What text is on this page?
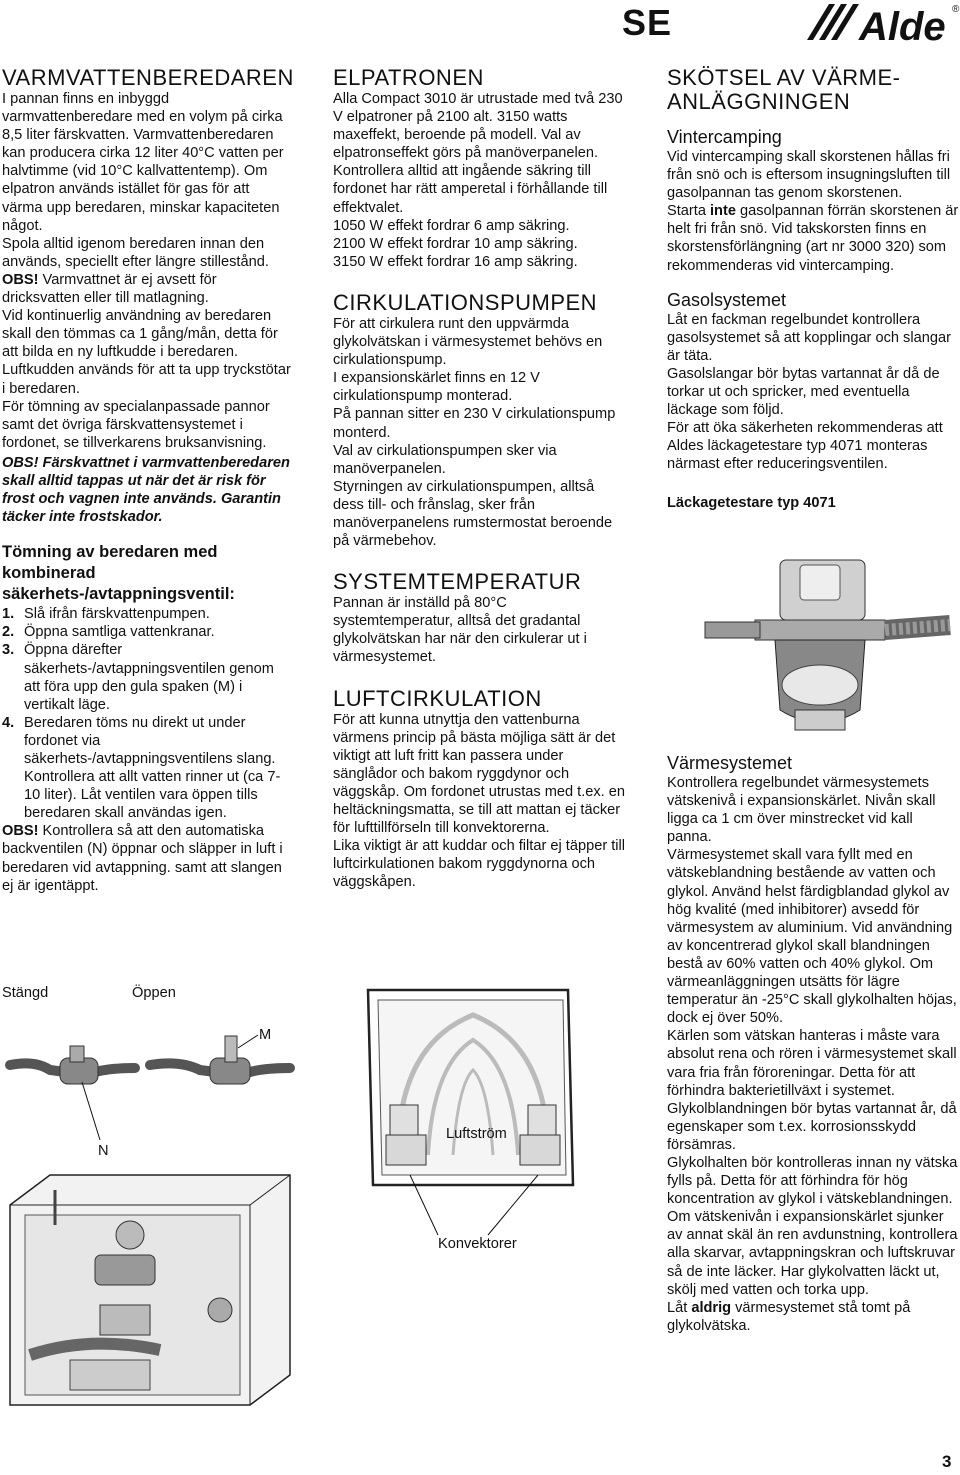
SE	Alde ®
VARMVATTENBEREDAREN

I pannan finns en inbyggd varmvattenberedare med en volym på cirka 8,5 liter färskvatten. Varmvattenberedaren kan producera cirka 12 liter 40°C vatten per halvtimme (vid 10°C kallvattentemp). Om elpatron används istället för gas för att värma upp beredaren, minskar kapaciteten något.

Spola alltid igenom beredaren innan den används, speciellt efter längre stillestånd.

OBS! Varmvattnet är ej avsett för dricksvatten eller till matlagning.

Vid kontinuerlig användning av beredaren skall den tömmas ca 1 gång/mån, detta för att bilda en ny luftkudde i beredaren. Luftkudden används för att ta upp tryckstötar i beredaren.

För tömning av specialanpassade pannor samt det övriga färskvattensystemet i fordonet, se tillverkarens bruksanvisning.

OBS! Färskvattnet i varmvattenberedaren skall alltid tappas ut när det är risk för frost och vagnen inte används. Garantin täcker inte frostskador.

Tömning av beredaren med kombinerad säkerhets-/avtappningsventil:
1. Slå ifrån färskvattenpumpen.
2. Öppna samtliga vattenkranar.
3. Öppna därefter säkerhets-/avtappningsventilen genom att föra upp den gula spaken (M) i vertikalt läge.
4. Beredaren töms nu direkt ut under fordonet via säkerhets-/avtappningsventilens slang. Kontrollera att allt vatten rinner ut (ca 7-10 liter). Låt ventilen vara öppen tills beredaren skall användas igen.

OBS! Kontrollera så att den automatiska backventilen (N) öppnar och släpper in luft i beredaren vid avtappning. samt att slangen ej är igentäppt.

Stängd	Öppen
M
N
ELPATRONEN

Alla Compact 3010 är utrustade med två 230 V elpatroner på 2100 alt. 3150 watts maxeffekt, beroende på modell. Val av elpatronseffekt görs på manöverpanelen.

Kontrollera alltid att ingående säkring till fordonet har rätt amperetal i förhållande till effektvalet.

1050 W effekt fordrar 6 amp säkring.

2100 W effekt fordrar 10 amp säkring.

3150 W effekt fordrar 16 amp säkring.

CIRKULATIONSPUMPEN

För att cirkulera runt den uppvärmda glykolvätskan i värmesystemet behövs en cirkulationspump.

I expansionskärlet finns en 12 V cirkulationspump monterad.

På pannan sitter en 230 V cirkulationspump monterd.

Val av cirkulationspumpen sker via manöverpanelen.

Styrningen av cirkulationspumpen, alltså dess till- och frånslag, sker från manöverpanelens rumstermostat beroende på värmebehov.

SYSTEMTEMPERATUR

Pannan är inställd på 80°C systemtemperatur, alltså det gradantal glykolvätskan har när den cirkulerar ut i värmesystemet.

LUFTCIRKULATION

För att kunna utnyttja den vattenburna värmens princip på bästa möjliga sätt är det viktigt att luft fritt kan passera under sänglådor och bakom ryggdynor och väggskåp. Om fordonet utrustas med t.ex. en heltäckningsmatta, se till att mattan ej täcker för lufttillförseln till konvektorerna.

Lika viktigt är att kuddar och filtar ej täpper till luftcirkulationen bakom ryggdynorna och väggskåpen.

Luftström
Konvektorer
SKÖTSEL AV VÄRME-
ANLÄGGNINGEN
Vintercamping

Vid vintercamping skall skorstenen hållas fri från snö och is eftersom insugningsluften till gasolpannan tas genom skorstenen.

Starta inte gasolpannan förrän skorstenen är helt fri från snö. Vid takskorsten finns en skorstensförlängning (art nr 3000 320) som rekommenderas vid vintercamping.

Gasolsystemet

Låt en fackman regelbundet kontrollera gasolsystemet så att kopplingar och slangar är täta.

Gasolslangar bör bytas vartannat år då de torkar ut och spricker, med eventuella läckage som följd.

För att öka säkerheten rekommenderas att Aldes läckagetestare typ 4071 monteras närmast efter reduceringsventilen.

Läckagetestare typ 4071

Värmesystemet

Kontrollera regelbundet värmesystemets vätskenivå i expansionskärlet. Nivån skall ligga ca 1 cm över minstrecket vid kall panna.

Värmesystemet skall vara fyllt med en vätskeblandning bestående av vatten och glykol. Använd helst färdigblandad glykol av hög kvalité (med inhibitorer) avsedd för värmesystem av aluminium. Vid användning av koncentrerad glykol skall blandningen bestå av 60% vatten och 40% glykol. Om värmeanläggningen utsätts för lägre temperatur än -25°C skall glykolhalten höjas, dock ej över 50%.

Kärlen som vätskan hanteras i måste vara absolut rena och rören i värmesystemet skall vara fria från föroreningar. Detta för att förhindra bakterietillväxt i systemet.

Glykolblandningen bör bytas vartannat år, då egenskaper som t.ex. korrosionsskydd försämras.

Glykolhalten bör kontrolleras innan ny vätska fylls på. Detta för att förhindra för hög koncentration av glykol i vätskeblandningen.

Om vätskenivån i expansionskärlet sjunker av annat skäl än ren avdunstning, kontrollera alla skarvar, avtappningskran och luftskruvar så de inte läcker. Har glykolvatten läckt ut, skölj med vatten och torka upp.

Låt aldrig värmesystemet stå tomt på glykolvätska.

3
